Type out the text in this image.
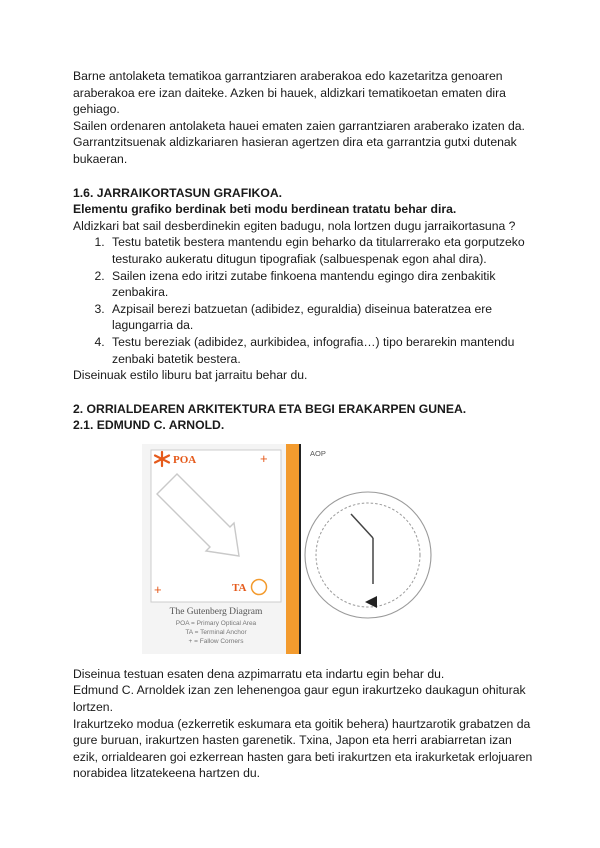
Barne antolaketa tematikoa garrantziaren araberakoa edo kazetaritza genoaren araberakoa ere izan daiteke. Azken bi hauek, aldizkari tematikoetan ematen dira gehiago.

Sailen ordenaren antolaketa hauei ematen zaien garrantziaren araberako izaten da. Garrantzitsuenak aldizkariaren hasieran agertzen dira eta garrantzia gutxi dutenak bukaeran.

1.6. JARRAIKORTASUN GRAFIKOA.

Elementu grafiko berdinak beti modu berdinean tratatu behar dira.

Aldizkari bat sail desberdinekin egiten badugu, nola lortzen dugu jarraikortasuna ?

1. Testu batetik bestera mantendu egin beharko da titularrerako eta gorputzeko testurako aukeratu ditugun tipografiak (salbuespenak egon ahal dira).
2. Sailen izena edo iritzi zutabe finkoena mantendu egingo dira zenbakitik zenbakira.
3. Azpisail berezi batzuetan (adibidez, eguraldia) diseinua bateratzea ere lagungarria da.
4. Testu bereziak (adibidez, aurkibidea, infografia…) tipo berarekin mantendu zenbaki batetik bestera.

Diseinuak estilo liburu bat jarraitu behar du.

2. ORRIALDEAREN ARKITEKTURA ETA BEGI ERAKARPEN GUNEA.

2.1. EDMUND C. ARNOLD.

POA	+
+	TA
The Gutenberg Diagram
POA = Primary Optical Area
TA = Terminal Anchor
+ = Fallow Corners
AOP

Diseinua testuan esaten dena azpimarratu eta indartu egin behar du.

Edmund C. Arnoldek izan zen lehenengoa gaur egun irakurtzeko daukagun ohiturak lortzen.

Irakurtzeko modua (ezkerretik eskumara eta goitik behera) haurtzarotik grabatzen da gure buruan, irakurtzen hasten garenetik. Txina, Japon eta herri arabiarretan izan ezik, orrialdearen goi ezkerrean hasten gara beti irakurtzen eta irakurketak erlojuaren norabidea litzatekeena hartzen du.
